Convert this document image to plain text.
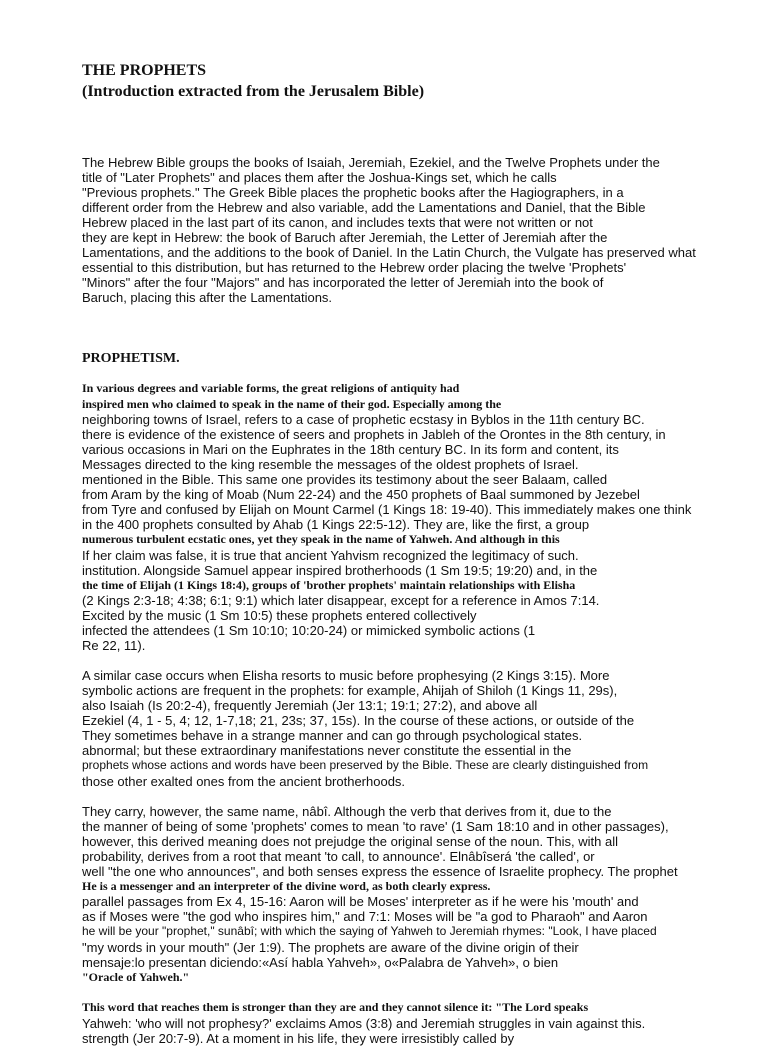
THE PROPHETS
(Introduction extracted from the Jerusalem Bible)
The Hebrew Bible groups the books of Isaiah, Jeremiah, Ezekiel, and the Twelve Prophets under the
title of "Later Prophets" and places them after the Joshua-Kings set, which he calls
"Previous prophets." The Greek Bible places the prophetic books after the Hagiographers, in a
different order from the Hebrew and also variable, add the Lamentations and Daniel, that the Bible
Hebrew placed in the last part of its canon, and includes texts that were not written or not
they are kept in Hebrew: the book of Baruch after Jeremiah, the Letter of Jeremiah after the
Lamentations, and the additions to the book of Daniel. In the Latin Church, the Vulgate has preserved what
essential to this distribution, but has returned to the Hebrew order placing the twelve 'Prophets'
"Minors" after the four "Majors" and has incorporated the letter of Jeremiah into the book of
Baruch, placing this after the Lamentations.
PROPHETISM.
In various degrees and variable forms, the great religions of antiquity had
inspired men who claimed to speak in the name of their god. Especially among the
neighboring towns of Israel, refers to a case of prophetic ecstasy in Byblos in the 11th century BC.
there is evidence of the existence of seers and prophets in Jableh of the Orontes in the 8th century, in
various occasions in Mari on the Euphrates in the 18th century BC. In its form and content, its
Messages directed to the king resemble the messages of the oldest prophets of Israel.
mentioned in the Bible. This same one provides its testimony about the seer Balaam, called
from Aram by the king of Moab (Num 22-24) and the 450 prophets of Baal summoned by Jezebel
from Tyre and confused by Elijah on Mount Carmel (1 Kings 18: 19-40). This immediately makes one think
in the 400 prophets consulted by Ahab (1 Kings 22:5-12). They are, like the first, a group
numerous turbulent ecstatic ones, yet they speak in the name of Yahweh. And although in this
If her claim was false, it is true that ancient Yahvism recognized the legitimacy of such.
institution. Alongside Samuel appear inspired brotherhoods (1 Sm 19:5; 19:20) and, in the
the time of Elijah (1 Kings 18:4), groups of 'brother prophets' maintain relationships with Elisha
(2 Kings 2:3-18; 4:38; 6:1; 9:1) which later disappear, except for a reference in Amos 7:14.
Excited by the music (1 Sm 10:5) these prophets entered collectively
infected the attendees (1 Sm 10:10; 10:20-24) or mimicked symbolic actions (1
Re 22, 11).
A similar case occurs when Elisha resorts to music before prophesying (2 Kings 3:15). More
symbolic actions are frequent in the prophets: for example, Ahijah of Shiloh (1 Kings 11, 29s),
also Isaiah (Is 20:2-4), frequently Jeremiah (Jer 13:1; 19:1; 27:2), and above all
Ezekiel (4, 1 - 5, 4; 12, 1-7,18; 21, 23s; 37, 15s). In the course of these actions, or outside of the
They sometimes behave in a strange manner and can go through psychological states.
abnormal; but these extraordinary manifestations never constitute the essential in the
prophets whose actions and words have been preserved by the Bible. These are clearly distinguished from
those other exalted ones from the ancient brotherhoods.
They carry, however, the same name, nâbî. Although the verb that derives from it, due to the
the manner of being of some 'prophets' comes to mean 'to rave' (1 Sam 18:10 and in other passages),
however, this derived meaning does not prejudge the original sense of the noun. This, with all
probability, derives from a root that meant 'to call, to announce'. Elnâbîserá 'the called', or
well "the one who announces", and both senses express the essence of Israelite prophecy. The prophet
He is a messenger and an interpreter of the divine word, as both clearly express.
parallel passages from Ex 4, 15-16: Aaron will be Moses' interpreter as if he were his 'mouth' and
as if Moses were "the god who inspires him," and 7:1: Moses will be "a god to Pharaoh" and Aaron
he will be your "prophet," sunâbî; with which the saying of Yahweh to Jeremiah rhymes: "Look, I have placed
"my words in your mouth" (Jer 1:9). The prophets are aware of the divine origin of their
mensaje:lo presentan diciendo:«Así habla Yahveh», o«Palabra de Yahveh», o bien
"Oracle of Yahweh."
This word that reaches them is stronger than they are and they cannot silence it: "The Lord speaks
Yahweh: 'who will not prophesy?' exclaims Amos (3:8) and Jeremiah struggles in vain against this.
strength (Jer 20:7-9). At a moment in his life, they were irresistibly called by
